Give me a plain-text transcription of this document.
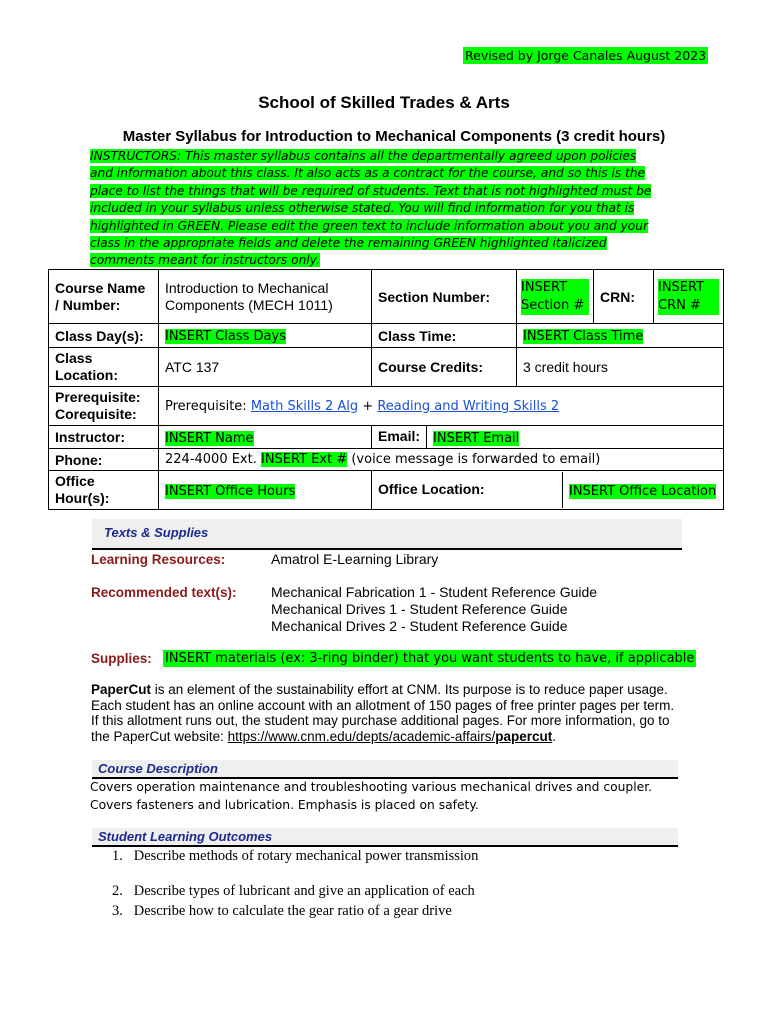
Revised by Jorge Canales August 2023
School of Skilled Trades & Arts
Master Syllabus for Introduction to Mechanical Components (3 credit hours)
INSTRUCTORS: This master syllabus contains all the departmentally agreed upon policies and information about this class. It also acts as a contract for the course, and so this is the place to list the things that will be required of students. Text that is not highlighted must be included in your syllabus unless otherwise stated. You will find information for you that is highlighted in GREEN. Please edit the green text to include information about you and your class in the appropriate fields and delete the remaining GREEN highlighted italicized comments meant for instructors only.
Course Name / Number:	Introduction to Mechanical Components (MECH 1011)	Section Number:	INSERT Section #	CRN:	INSERT CRN #
Class Day(s):	INSERT Class Days	Class Time:	INSERT Class Time		
Class Location:	ATC 137	Course Credits:	3 credit hours		
Prerequisite: Corequisite:	Prerequisite: Math Skills 2 Alg + Reading and Writing Skills 2				
Instructor:	INSERT Name	Email: INSERT Email			

Phone:	224-4000 Ext. INSERT Ext # (voice message is forwarded to email)				
Office Hour(s):	INSERT Office Hours	Office Location: INSERT Office Location			
Texts & Supplies
Learning Resources:	Amatrol E-Learning Library
Recommended text(s): Mechanical Fabrication 1 - Student Reference Guide
Mechanical Drives 1 - Student Reference Guide
Mechanical Drives 2 - Student Reference Guide
Supplies: INSERT materials (ex: 3-ring binder) that you want students to have, if applicable
PaperCut is an element of the sustainability effort at CNM. Its purpose is to reduce paper usage. Each student has an online account with an allotment of 150 pages of free printer pages per term. If this allotment runs out, the student may purchase additional pages. For more information, go to the PaperCut website: https://www.cnm.edu/depts/academic-affairs/papercut.
Course Description
Covers operation maintenance and troubleshooting various mechanical drives and coupler. Covers fasteners and lubrication. Emphasis is placed on safety.
Student Learning Outcomes
1. Describe methods of rotary mechanical power transmission
2. Describe types of lubricant and give an application of each
3. Describe how to calculate the gear ratio of a gear drive
